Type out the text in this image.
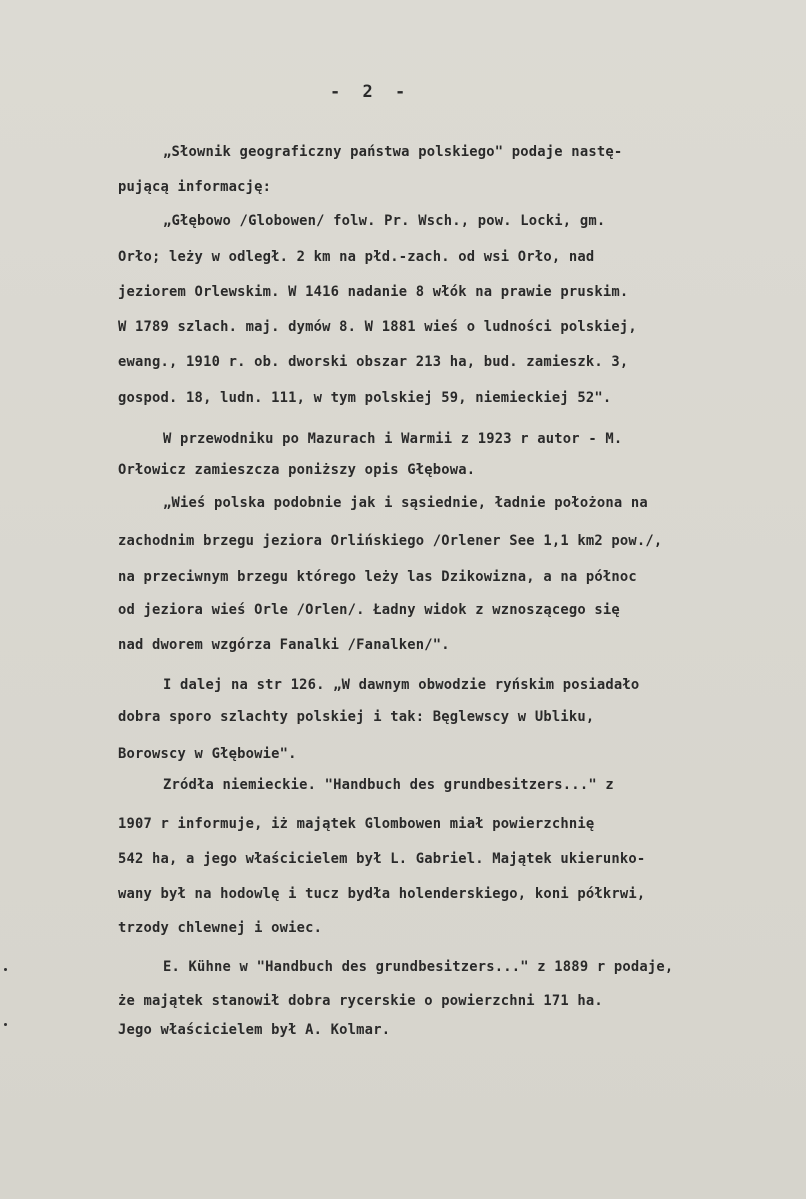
- 2 -
„Słownik geograficzny państwa polskiego" podaje nastę-
pującą informację:
„Głębowo /Globowen/ folw. Pr. Wsch., pow. Locki, gm.
Orło; leży w odległ. 2 km na płd.-zach. od wsi Orło, nad
jeziorem Orlewskim. W 1416 nadanie 8 włók na prawie pruskim.
W 1789 szlach. maj. dymów 8. W 1881 wieś o ludności polskiej,
ewang., 1910 r. ob. dworski obszar 213 ha, bud. zamieszk. 3,
gospod. 18, ludn. 111, w tym polskiej 59, niemieckiej 52".
W przewodniku po Mazurach i Warmii z 1923 r autor - M.
Orłowicz zamieszcza poniższy opis Głębowa.
„Wieś polska podobnie jak i sąsiednie, ładnie położona na
zachodnim brzegu jeziora Orlińskiego /Orlener See 1,1 km2 pow./,
na przeciwnym brzegu którego leży las Dzikowizna, a na północ
od jeziora wieś Orle /Orlen/. Ładny widok z wznoszącego się
nad dworem wzgórza Fanalki /Fanalken/".
I dalej na str 126. „W dawnym obwodzie ryńskim posiadało
dobra sporo szlachty polskiej i tak: Bęglewscy w Ubliku,
Borowscy w Głębowie".
Zródła niemieckie. "Handbuch des grundbesitzers..." z
1907 r informuje, iż majątek Glombowen miał powierzchnię
542 ha, a jego właścicielem był L. Gabriel. Majątek ukierunko-
wany był na hodowlę i tucz bydła holenderskiego, koni półkrwi,
trzody chlewnej i owiec.
E. Kühne w "Handbuch des grundbesitzers..." z 1889 r podaje,
że majątek stanowił dobra rycerskie o powierzchni 171 ha.
Jego właścicielem był A. Kolmar.
